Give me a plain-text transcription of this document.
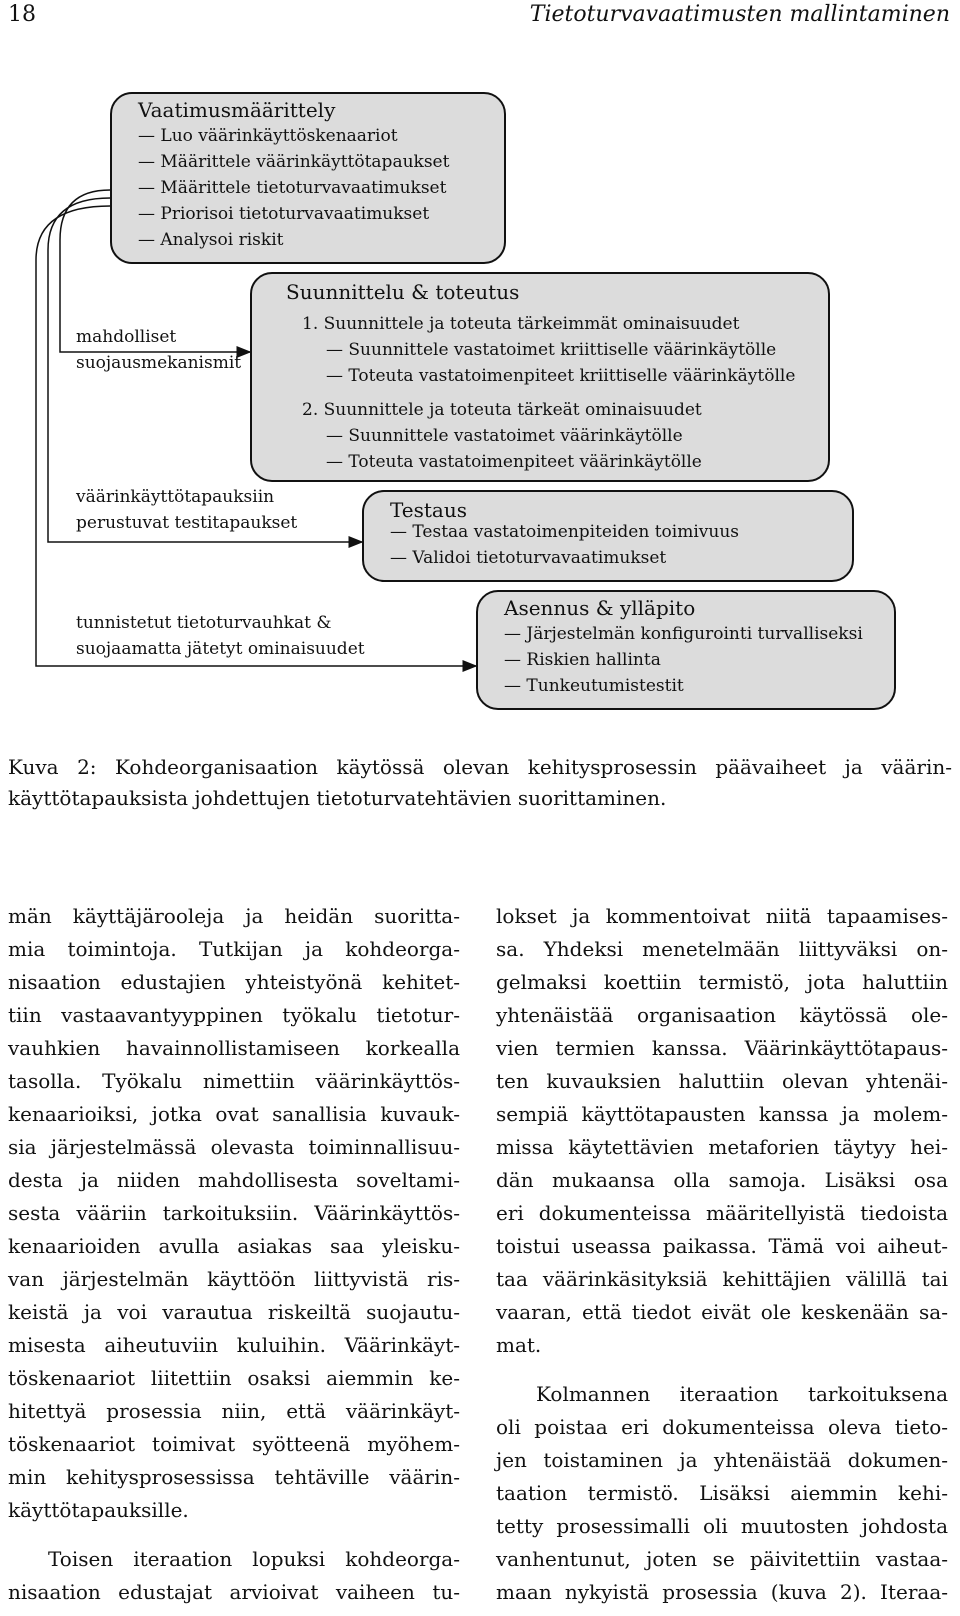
18	Tietoturvavaatimusten mallintaminen
Vaatimusmäärittely
— Luo väärinkäyttöskenaariot
— Määrittele väärinkäyttötapaukset
— Määrittele tietoturvavaatimukset
— Priorisoi tietoturvavaatimukset
— Analysoi riskit
Suunnittelu & toteutus
1. Suunnittele ja toteuta tärkeimmät ominaisuudet
— Suunnittele vastatoimet kriittiselle väärinkäytölle
— Toteuta vastatoimenpiteet kriittiselle väärinkäytölle
2. Suunnittele ja toteuta tärkeät ominaisuudet
— Suunnittele vastatoimet väärinkäytölle
— Toteuta vastatoimenpiteet väärinkäytölle
Testaus
— Testaa vastatoimenpiteiden toimivuus
— Validoi tietoturvavaatimukset
Asennus & ylläpito
— Järjestelmän konfigurointi turvalliseksi
— Riskien hallinta
— Tunkeutumistestit
mahdolliset
suojausmekanismit
väärinkäyttötapauksiin
perustuvat testitapaukset
tunnistetut tietoturvauhkat &
suojaamatta jätetyt ominaisuudet
Kuva 2: Kohdeorganisaation käytössä olevan kehitysprosessin päävaiheet ja väärin-
käyttötapauksista johdettujen tietoturvatehtävien suorittaminen.
män käyttäjärooleja ja heidän suoritta-
mia toimintoja. Tutkijan ja kohdeorga-
nisaation edustajien yhteistyönä kehitet-
tiin vastaavantyyppinen työkalu tietotur-
vauhkien havainnollistamiseen korkealla
tasolla. Työkalu nimettiin väärinkäyttös-
kenaarioiksi, jotka ovat sanallisia kuvauk-
sia järjestelmässä olevasta toiminnallisuu-
desta ja niiden mahdollisesta soveltami-
sesta vääriin tarkoituksiin. Väärinkäyttös-
kenaarioiden avulla asiakas saa yleisku-
van järjestelmän käyttöön liittyvistä ris-
keistä ja voi varautua riskeiltä suojautu-
misesta aiheutuviin kuluihin. Väärinkäyt-
töskenaariot liitettiin osaksi aiemmin ke-
hitettyä prosessia niin, että väärinkäyt-
töskenaariot toimivat syötteenä myöhem-
min kehitysprosessissa tehtäville väärin-
käyttötapauksille.
Toisen iteraation lopuksi kohdeorga-
nisaation edustajat arvioivat vaiheen tu-
lokset ja kommentoivat niitä tapaamises-
sa. Yhdeksi menetelmään liittyväksi on-
gelmaksi koettiin termistö, jota haluttiin
yhtenäistää organisaation käytössä ole-
vien termien kanssa. Väärinkäyttötapaus-
ten kuvauksien haluttiin olevan yhtenäi-
sempiä käyttötapausten kanssa ja molem-
missa käytettävien metaforien täytyy hei-
dän mukaansa olla samoja. Lisäksi osa
eri dokumenteissa määritellyistä tiedoista
toistui useassa paikassa. Tämä voi aiheut-
taa väärinkäsityksiä kehittäjien välillä tai
vaaran, että tiedot eivät ole keskenään sa-
mat.
Kolmannen iteraation tarkoituksena
oli poistaa eri dokumenteissa oleva tieto-
jen toistaminen ja yhtenäistää dokumen-
taation termistö. Lisäksi aiemmin kehi-
tetty prosessimalli oli muutosten johdosta
vanhentunut, joten se päivitettiin vastaa-
maan nykyistä prosessia (kuva 2). Iteraa-
